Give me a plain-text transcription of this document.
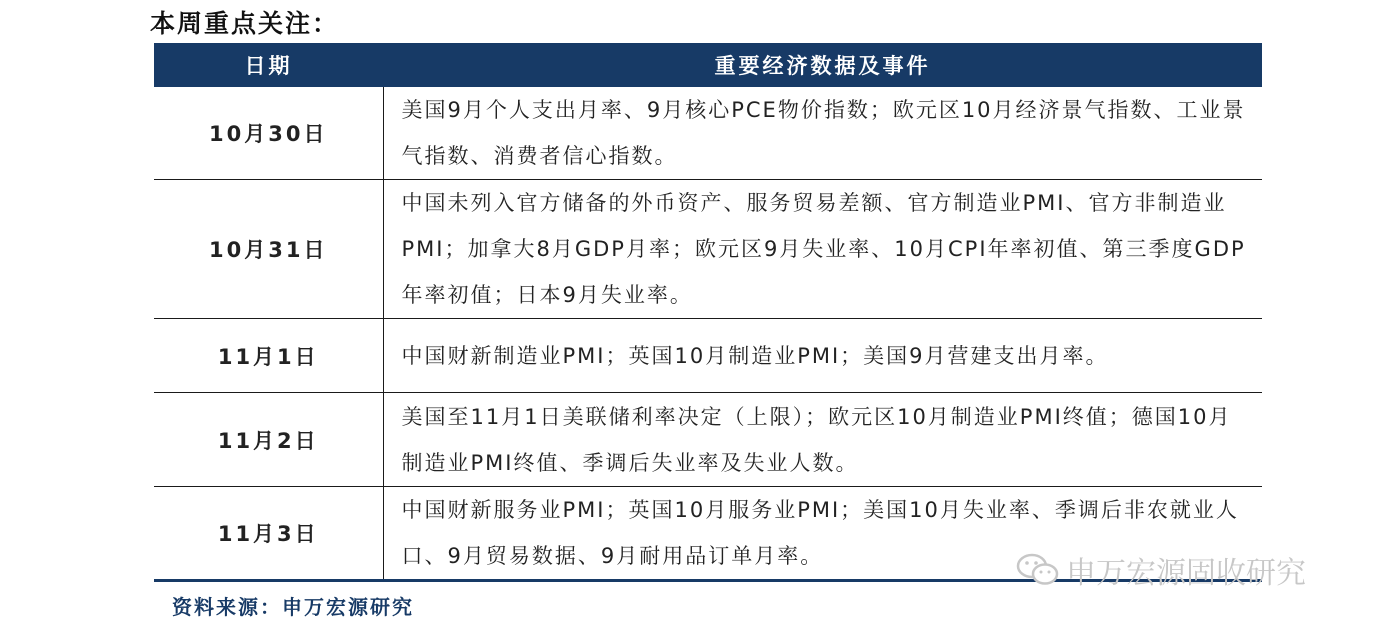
本周重点关注：
日期	重要经济数据及事件
10月30日	美国9月个人支出月率、9月核心PCE物价指数；欧元区10月经济景气指数、工业景气指数、消费者信心指数。
10月31日	中国未列入官方储备的外币资产、服务贸易差额、官方制造业PMI、官方非制造业PMI；加拿大8月GDP月率；欧元区9月失业率、10月CPI年率初值、第三季度GDP年率初值；日本9月失业率。
11月1日	中国财新制造业PMI；英国10月制造业PMI；美国9月营建支出月率。
11月2日	美国至11月1日美联储利率决定（上限）；欧元区10月制造业PMI终值；德国10月制造业PMI终值、季调后失业率及失业人数。
11月3日	中国财新服务业PMI；英国10月服务业PMI；美国10月失业率、季调后非农就业人口、9月贸易数据、9月耐用品订单月率。
资料来源：申万宏源研究
申万宏源固收研究
